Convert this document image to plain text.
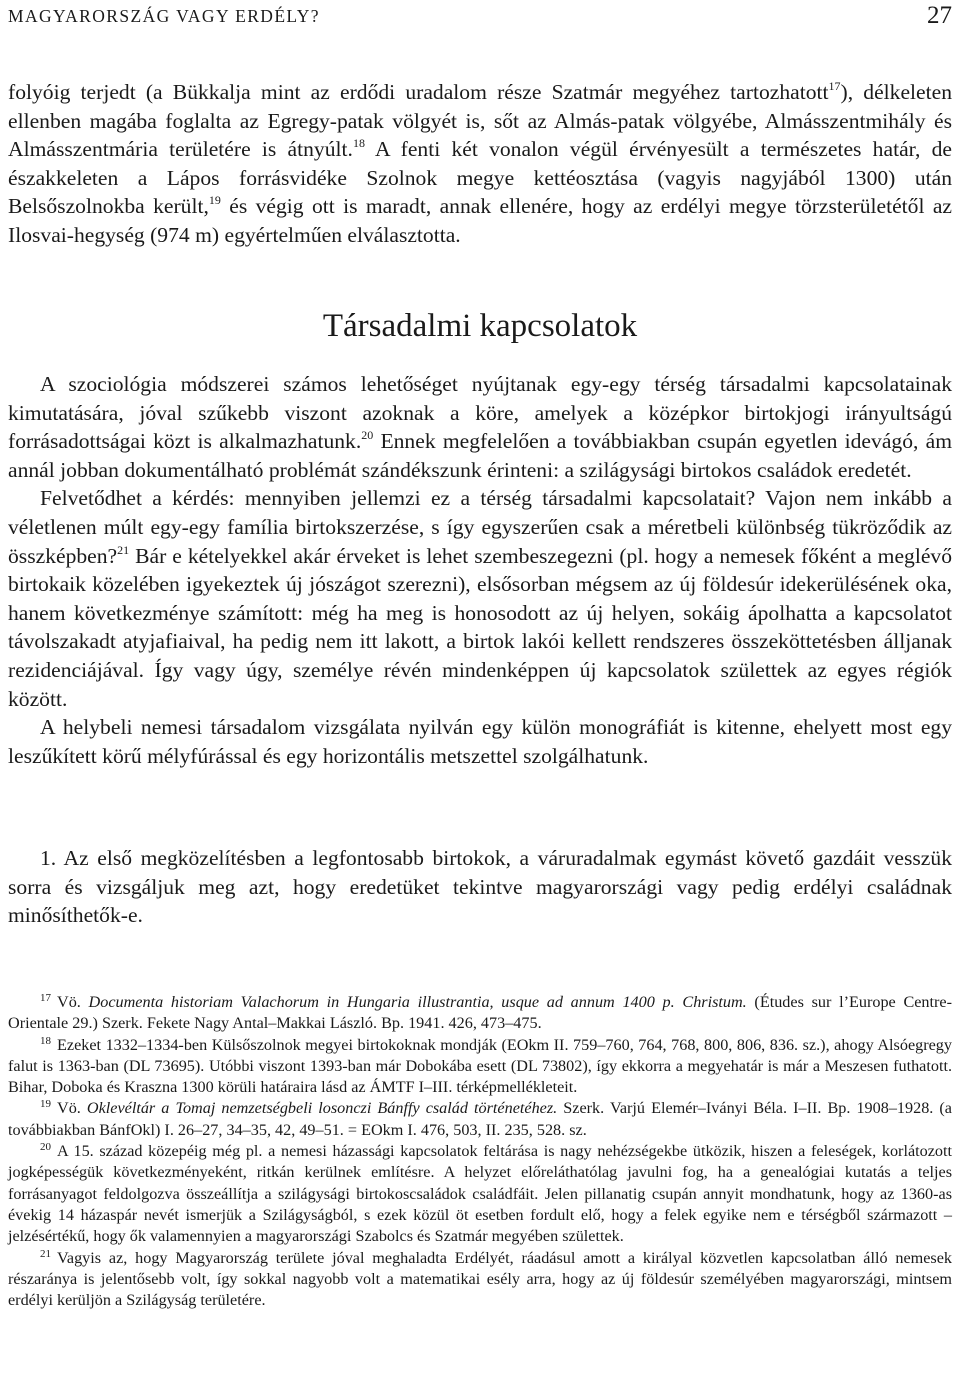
MAGYARORSZÁG VAGY ERDÉLY?	27

folyóig terjedt (a Bükkalja mint az erdődi uradalom része Szatmár megyéhez tartozhatott$^{17}$), délkeleten ellenben magába foglalta az Egregy-patak völgyét is, sőt az Almás-patak völgyébe, Almásszentmihály és Almásszentmária területére is átnyúlt.$^{18}$ A fenti két vonalon végül érvényesült a természetes határ, de északkeleten a Lápos forrásvidéke Szolnok megye kettéosztása (vagyis nagyjából 1300) után Belsőszolnokba került,$^{19}$ és végig ott is maradt, annak ellenére, hogy az erdélyi megye törzsterületétől az Ilosvai-hegység (974 m) egyértelműen elválasztotta.

Társadalmi kapcsolatok

A szociológia módszerei számos lehetőséget nyújtanak egy-egy térség társadalmi kapcsolatainak kimutatására, jóval szűkebb viszont azoknak a köre, amelyek a középkor birtokjogi irányultságú forrásadottságai közt is alkalmazhatunk.$^{20}$ Ennek megfelelően a továbbiakban csupán egyetlen idevágó, ám annál jobban dokumentálható problémát szándékszunk érinteni: a szilágysági birtokos családok eredetét.

Felvetődhet a kérdés: mennyiben jellemzi ez a térség társadalmi kapcsolatait? Vajon nem inkább a véletlenen múlt egy-egy família birtokszerzése, s így egyszerűen csak a méretbeli különbség tükröződik az összképben?$^{21}$ Bár e kételyekkel akár érveket is lehet szembeszegezni (pl. hogy a nemesek főként a meglévő birtokaik közelében igyekeztek új jószágot szerezni), elsősorban mégsem az új földesúr idekerülésének oka, hanem következménye számított: még ha meg is honosodott az új helyen, sokáig ápolhatta a kapcsolatot távolszakadt atyjafiaival, ha pedig nem itt lakott, a birtok lakói kellett rendszeres összeköttetésben álljanak rezidenciájával. Így vagy úgy, személye révén mindenképpen új kapcsolatok születtek az egyes régiók között.

A helybeli nemesi társadalom vizsgálata nyilván egy külön monográfiát is kitenne, ehelyett most egy leszűkített körű mélyfúrással és egy horizontális metszettel szolgálhatunk.

1. Az első megközelítésben a legfontosabb birtokok, a váruradalmak egymást követő gazdáit vesszük sorra és vizsgáljuk meg azt, hogy eredetüket tekintve magyarországi vagy pedig erdélyi családnak minősíthetők-e.

$^{17}$ Vö. Documenta historiam Valachorum in Hungaria illustrantia, usque ad annum 1400 p. Christum. (Études sur l’Europe Centre-Orientale 29.) Szerk. Fekete Nagy Antal–Makkai László. Bp. 1941. 426, 473–475.

$^{18}$ Ezeket 1332–1334-ben Külsőszolnok megyei birtokoknak mondják (EOkm II. 759–760, 764, 768, 800, 806, 836. sz.), ahogy Alsóegregy falut is 1363-ban (DL 73695). Utóbbi viszont 1393-ban már Dobokába esett (DL 73802), így ekkorra a megyehatár is már a Meszesen futhatott. Bihar, Doboka és Kraszna 1300 körüli határaira lásd az ÁMTF I–III. térképmellékleteit.

$^{19}$ Vö. Oklevéltár a Tomaj nemzetségbeli losonczi Bánffy család történetéhez. Szerk. Varjú Elemér–Iványi Béla. I–II. Bp. 1908–1928. (a továbbiakban BánfOkl) I. 26–27, 34–35, 42, 49–51. = EOkm I. 476, 503, II. 235, 528. sz.

$^{20}$ A 15. század közepéig még pl. a nemesi házassági kapcsolatok feltárása is nagy nehézségekbe ütközik, hiszen a feleségek, korlátozott jogképességük következményeként, ritkán kerülnek említésre. A helyzet előreláthatólag javulni fog, ha a genealógiai kutatás a teljes forrásanyagot feldolgozva összeállítja a szilágysági birtokoscsaládok családfáit. Jelen pillanatig csupán annyit mondhatunk, hogy az 1360-as évekig 14 házaspár nevét ismerjük a Szilágyságból, s ezek közül öt esetben fordult elő, hogy a felek egyike nem e térségből származott – jelzésértékű, hogy ők valamennyien a magyarországi Szabolcs és Szatmár megyében születtek.

$^{21}$ Vagyis az, hogy Magyarország területe jóval meghaladta Erdélyét, ráadásul amott a királyal közvetlen kapcsolatban álló nemesek részaránya is jelentősebb volt, így sokkal nagyobb volt a matematikai esély arra, hogy az új földesúr személyében magyarországi, mintsem erdélyi kerüljön a Szilágyság területére.
